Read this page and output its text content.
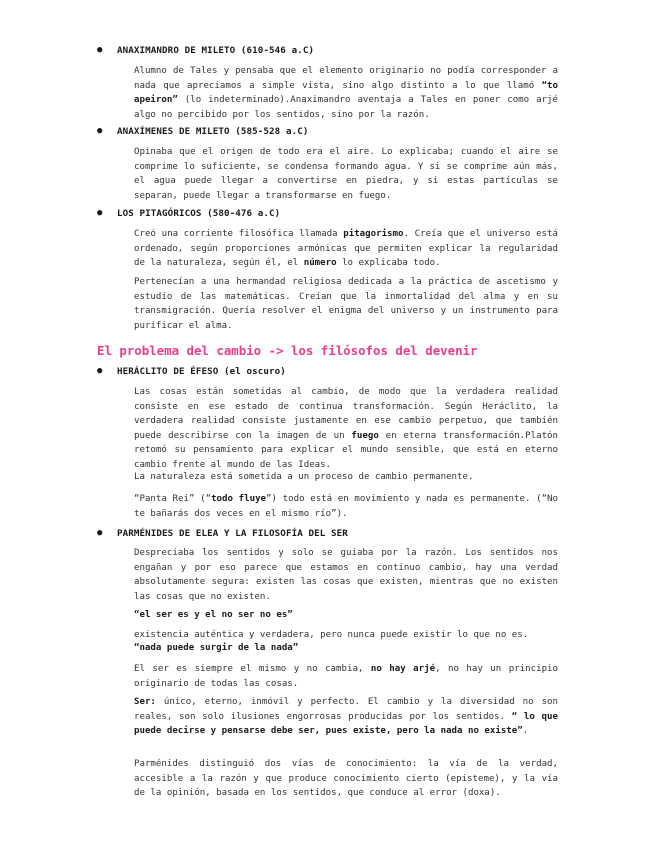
● ANAXIMANDRO DE MILETO (610-546 a.C)
Alumno de Tales y pensaba que el elemento originario no podía corresponder a nada que apreciamos a simple vista, sino algo distinto a lo que llamó “to apeiron” (lo indeterminado).Anaximandro aventaja a Tales en poner como arjé algo no percibido por los sentidos, sino por la razón.
● ANAXÍMENES DE MILETO (585-528 a.C)
Opinaba que el origen de todo era el aire. Lo explicaba; cuando el aire se comprime lo suficiente, se condensa formando agua. Y si se comprime aún más, el agua puede llegar a convertirse en piedra, y si estas partículas se separan, puede llegar a transformarse en fuego.
● LOS PITAGÓRICOS (580-476 a.C)
Creó una corriente filosófica llamada pitagorismo. Creía que el universo está ordenado, según proporciones armónicas que permiten explicar la regularidad de la naturaleza, según él, el número lo explicaba todo.
Pertenecían a una hermandad religiosa dedicada a la práctica de ascetismo y estudio de las matemáticas. Creían que la inmortalidad del alma y en su transmigración. Quería resolver el enigma del universo y un instrumento para purificar el alma.
El problema del cambio -> los filósofos del devenir
● HERÁCLITO DE ÉFESO (el oscuro)
Las cosas están sometidas al cambio, de modo que la verdadera realidad consiste en ese estado de continua transformación. Según Heráclito, la verdadera realidad consiste justamente en ese cambio perpetuo, que también puede describirse con la imagen de un fuego en eterna transformación.Platón retomó su pensamiento para explicar el mundo sensible, que está en eterno cambio frente al mundo de las Ideas.
La naturaleza está sometida a un proceso de cambio permanente.
“Panta Rei” (“todo fluye”) todo está en movimiento y nada es permanente. (“No te bañarás dos veces en el mismo río”).
● PARMÉNIDES DE ELEA Y LA FILOSOFÍA DEL SER
Despreciaba los sentidos y solo se guiaba por la razón. Los sentidos nos engañan y por eso parece que estamos en continuo cambio, hay una verdad absolutamente segura: existen las cosas que existen, mientras que no existen las cosas que no existen.
“el ser es y el no ser no es”
existencia auténtica y verdadera, pero nunca puede existir lo que no es.
“nada puede surgir de la nada”
El ser es siempre el mismo y no cambia, no hay arjé, no hay un principio originario de todas las cosas.
Ser: único, eterno, inmóvil y perfecto. El cambio y la diversidad no son reales, son solo ilusiones engorrosas producidas por los sentidos. “ lo que puede decirse y pensarse debe ser, pues existe, pero la nada no existe”.
Parménides distinguió dos vías de conocimiento: la vía de la verdad, accesible a la razón y que produce conocimiento cierto (episteme), y la vía de la opinión, basada en los sentidos, que conduce al error (doxa).
